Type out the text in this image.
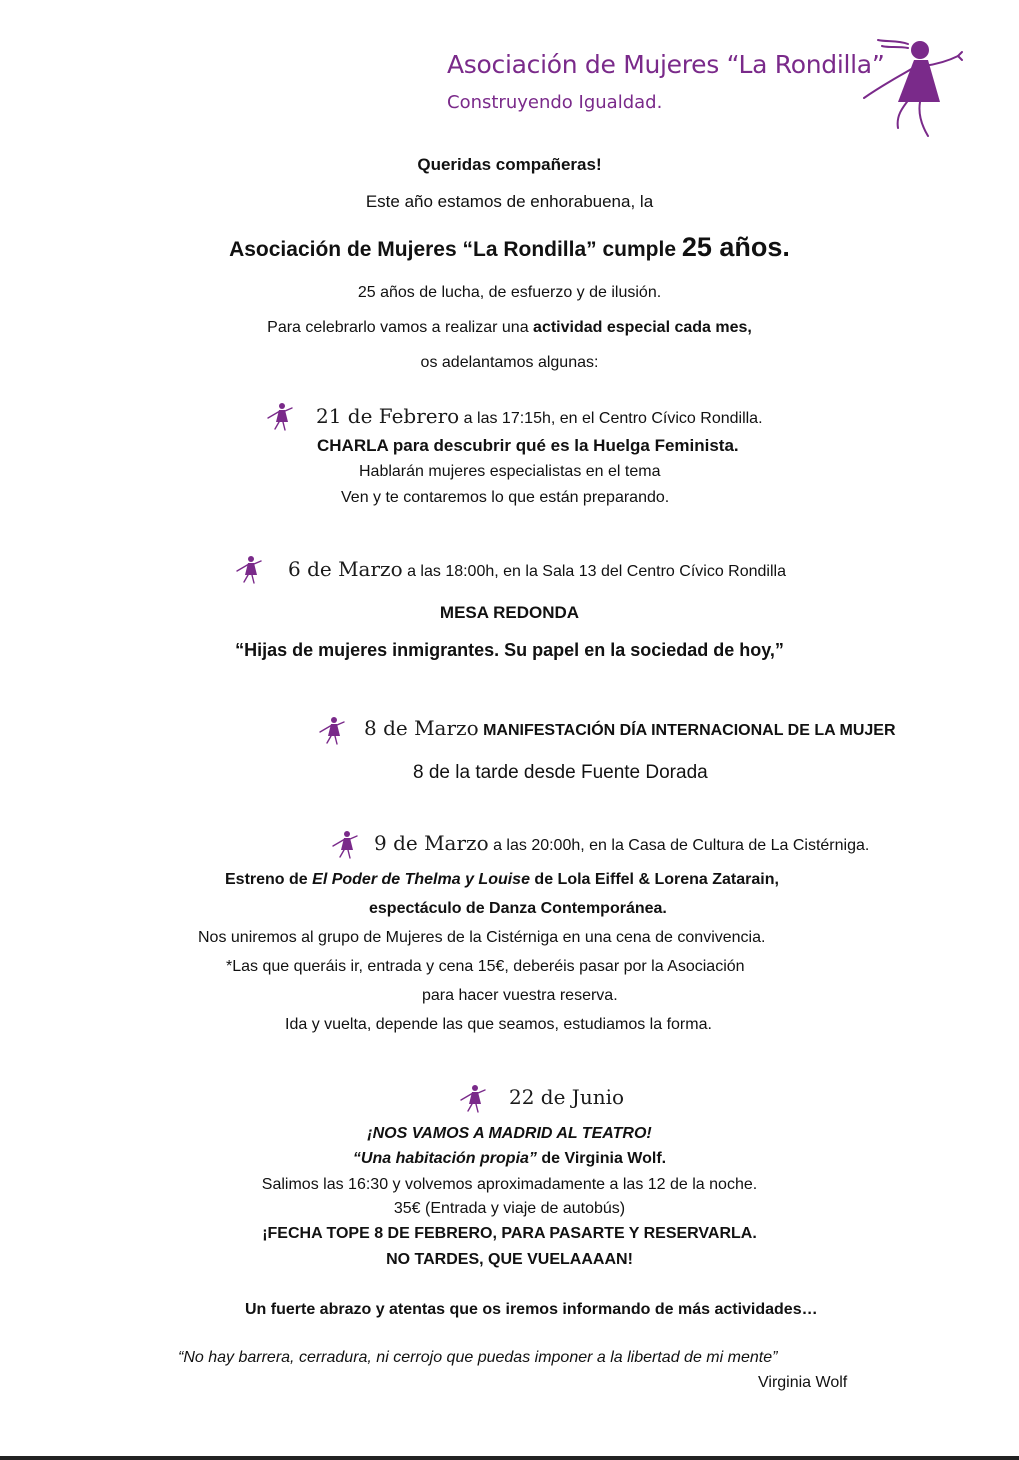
Asociación de Mujeres “La Rondilla”
Construyendo Igualdad.
Queridas compañeras!
Este año estamos de enhorabuena, la
Asociación de Mujeres “La Rondilla” cumple 25 años.
25 años de lucha, de esfuerzo y de ilusión.
Para celebrarlo vamos a realizar una actividad especial cada mes,
os adelantamos algunas:
21 de Febrero a las 17:15h, en el Centro Cívico Rondilla.
CHARLA para descubrir qué es la Huelga Feminista.
Hablarán mujeres especialistas en el tema
Ven y te contaremos lo que están preparando.
6 de Marzo a las 18:00h, en la Sala 13 del Centro Cívico Rondilla
MESA REDONDA
“Hijas de mujeres inmigrantes. Su papel en la sociedad de hoy,”
8 de Marzo MANIFESTACIÓN DÍA INTERNACIONAL DE LA MUJER
8 de la tarde desde Fuente Dorada
9 de Marzo a las 20:00h, en la Casa de Cultura de La Cistérniga.
Estreno de El Poder de Thelma y Louise de Lola Eiffel & Lorena Zatarain,
espectáculo de Danza Contemporánea.
Nos uniremos al grupo de Mujeres de la Cistérniga en una cena de convivencia.
*Las que queráis ir, entrada y cena 15€, deberéis pasar por la Asociación
para hacer vuestra reserva.
Ida y vuelta, depende las que seamos, estudiamos la forma.
22 de Junio
¡NOS VAMOS A MADRID AL TEATRO!
“Una habitación propia” de Virginia Wolf.
Salimos las 16:30 y volvemos aproximadamente a las 12 de la noche.
35€ (Entrada y viaje de autobús)
¡FECHA TOPE 8 DE FEBRERO, PARA PASARTE Y RESERVARLA.
NO TARDES, QUE VUELAAAAN!
Un fuerte abrazo y atentas que os iremos informando de más actividades…
“No hay barrera, cerradura, ni cerrojo que puedas imponer a la libertad de mi mente”
Virginia Wolf
